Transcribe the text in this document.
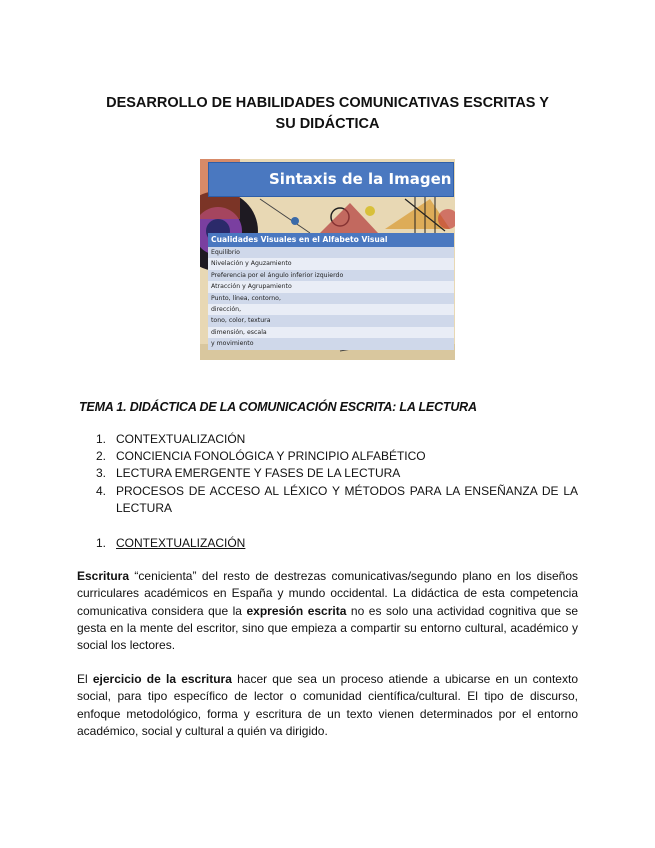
DESARROLLO DE HABILIDADES COMUNICATIVAS ESCRITAS Y
SU DIDÁCTICA
Sintaxis de la Imagen
Cualidades Visuales en el Alfabeto Visual
Equilibrio
Nivelación y Aguzamiento
Preferencia por el ángulo inferior izquierdo
Atracción y Agrupamiento
Punto, línea, contorno,
dirección,
tono, color, textura
dimensión, escala
y movimiento
TEMA 1. DIDÁCTICA DE LA COMUNICACIÓN ESCRITA: LA LECTURA
1. CONTEXTUALIZACIÓN
2. CONCIENCIA FONOLÓGICA Y PRINCIPIO ALFABÉTICO
3. LECTURA EMERGENTE Y FASES DE LA LECTURA
4. PROCESOS DE ACCESO AL LÉXICO Y MÉTODOS PARA LA ENSEÑANZA DE LA LECTURA
1. CONTEXTUALIZACIÓN

Escritura “cenicienta” del resto de destrezas comunicativas/segundo plano en los diseños curriculares académicos en España y mundo occidental. La didáctica de esta competencia comunicativa considera que la expresión escrita no es solo una actividad cognitiva que se gesta en la mente del escritor, sino que empieza a compartir su entorno cultural, académico y social los lectores.

El ejercicio de la escritura hacer que sea un proceso atiende a ubicarse en un contexto social, para tipo específico de lector o comunidad científica/cultural. El tipo de discurso, enfoque metodológico, forma y escritura de un texto vienen determinados por el entorno académico, social y cultural a quién va dirigido.
